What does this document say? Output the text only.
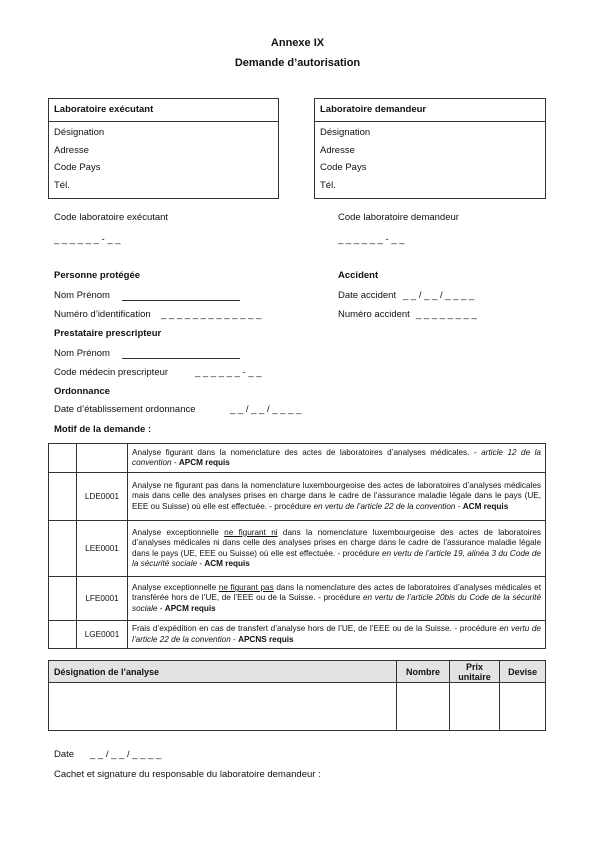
Annexe IX
Demande d’autorisation
Laboratoire exécutant
Désignation
Adresse
Code Pays
Tél.
Laboratoire demandeur
Désignation
Adresse
Code Pays
Tél.
Code laboratoire exécutant
_ _ _ _ _ _ - _ _
Code laboratoire demandeur
_ _ _ _ _ _ - _ _
Personne protégée
Nom Prénom
Numéro d’identification _ _ _ _ _ _ _ _ _ _ _ _ _
Accident
Date accident _ _ / _ _ / _ _ _ _
Numéro accident _ _ _ _ _ _ _ _
Prestataire prescripteur
Nom Prénom
Code médecin prescripteur	_ _ _ _ _ _ - _ _
Ordonnance
Date d’établissement ordonnance	_ _ / _ _ / _ _ _ _
Motif de la demande :
		Analyse figurant dans la nomenclature des actes de laboratoires d’analyses médicales. - article 12 de la convention - APCM requis
	LDE0001	Analyse ne figurant pas dans la nomenclature luxembourgeoise des actes de laboratoires d’analyses médicales mais dans celle des analyses prises en charge dans le cadre de l’assurance maladie légale dans le pays (UE, EEE ou Suisse) où elle est effectuée. - procédure en vertu de l’article 22 de la convention - ACM requis
	LEE0001	Analyse exceptionnelle ne figurant ni dans la nomenclature luxembourgeoise des actes de laboratoires d’analyses médicales ni dans celle des analyses prises en charge dans le cadre de l’assurance maladie légale dans le pays (UE, EEE ou Suisse) où elle est effectuée. - procédure en vertu de l’article 19, alinéa 3 du Code de la sécurité sociale - ACM requis
	LFE0001	Analyse exceptionnelle ne figurant pas dans la nomenclature des actes de laboratoires d’analyses médicales et transférée hors de l’UE, de l’EEE ou de la Suisse. - procédure en vertu de l’article 20bis du Code de la sécurité sociale - APCM requis
	LGE0001	Frais d’expédition en cas de transfert d’analyse hors de l’UE, de l’EEE ou de la Suisse. - procédure en vertu de l’article 22 de la convention - APCNS requis
Désignation de l’analyse	Nombre	Prix unitaire	Devise

Date _ _ / _ _ / _ _ _ _
Cachet et signature du responsable du laboratoire demandeur :
